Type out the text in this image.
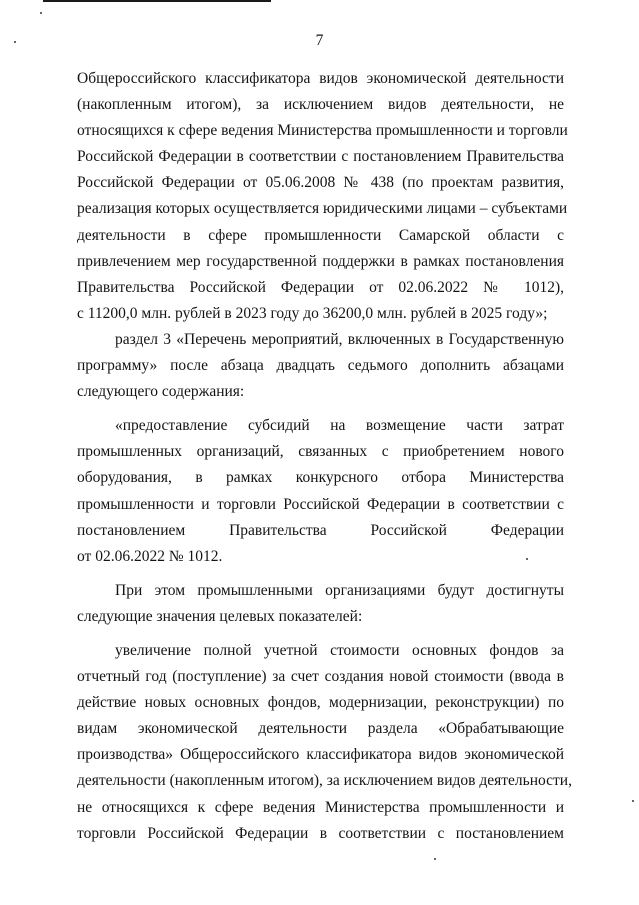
7

Общероссийского классификатора видов экономической деятельности
(накопленным итогом), за исключением видов деятельности, не
относящихся к сфере ведения Министерства промышленности и торговли
Российской Федерации в соответствии с постановлением Правительства
Российской Федерации от 05.06.2008 № 438 (по проектам развития,
реализация которых осуществляется юридическими лицами – субъектами
деятельности в сфере промышленности Самарской области с
привлечением мер государственной поддержки в рамках постановления
Правительства Российской Федерации от 02.06.2022 № 1012),
с 11200,0 млн. рублей в 2023 году до 36200,0 млн. рублей в 2025 году»;

раздел 3 «Перечень мероприятий, включенных в Государственную

программу» после абзаца двадцать седьмого дополнить абзацами
следующего содержания:

«предоставление субсидий на возмещение части затрат

промышленных организаций, связанных с приобретением нового
оборудования, в рамках конкурсного отбора Министерства
промышленности и торговли Российской Федерации в соответствии с
постановлением Правительства Российской Федерации
от 02.06.2022 № 1012.

При этом промышленными организациями будут достигнуты

следующие значения целевых показателей:

увеличение полной учетной стоимости основных фондов за

отчетный год (поступление) за счет создания новой стоимости (ввода в
действие новых основных фондов, модернизации, реконструкции) по
видам экономической деятельности раздела «Обрабатывающие
производства» Общероссийского классификатора видов экономической
деятельности (накопленным итогом), за исключением видов деятельности,
не относящихся к сфере ведения Министерства промышленности и
торговли Российской Федерации в соответствии с постановлением
